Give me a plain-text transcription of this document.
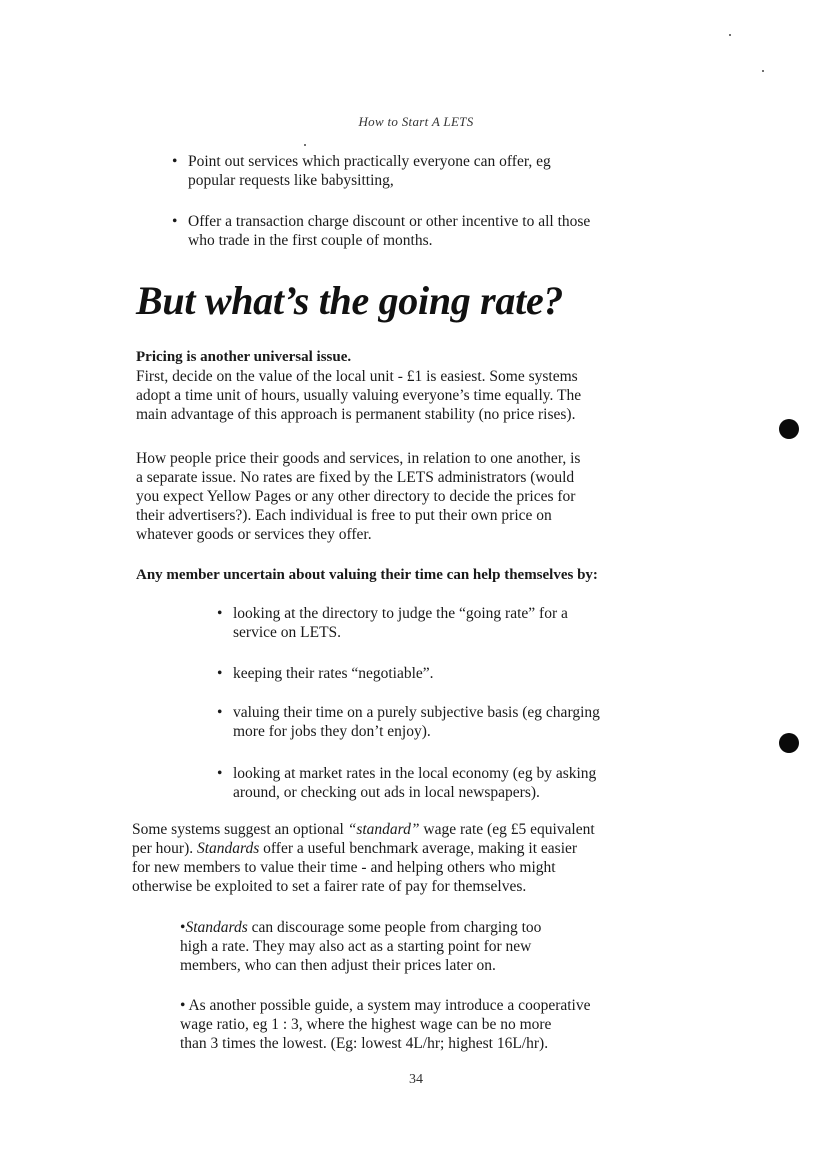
How to Start A LETS
• Point out services which practically everyone can offer, eg
popular requests like babysitting,
• Offer a transaction charge discount or other incentive to all those
who trade in the first couple of months.
But what’s the going rate?
Pricing is another universal issue.
First, decide on the value of the local unit - £1 is easiest. Some systems
adopt a time unit of hours, usually valuing everyone’s time equally. The
main advantage of this approach is permanent stability (no price rises).
How people price their goods and services, in relation to one another, is
a separate issue. No rates are fixed by the LETS administrators (would
you expect Yellow Pages or any other directory to decide the prices for
their advertisers?). Each individual is free to put their own price on
whatever goods or services they offer.
Any member uncertain about valuing their time can help themselves by:
• looking at the directory to judge the “going rate” for a
service on LETS.
• keeping their rates “negotiable”.
• valuing their time on a purely subjective basis (eg charging
more for jobs they don’t enjoy).
• looking at market rates in the local economy (eg by asking
around, or checking out ads in local newspapers).
Some systems suggest an optional “standard” wage rate (eg £5 equivalent
per hour). Standards offer a useful benchmark average, making it easier
for new members to value their time - and helping others who might
otherwise be exploited to set a fairer rate of pay for themselves.
•Standards can discourage some people from charging too
high a rate. They may also act as a starting point for new
members, who can then adjust their prices later on.
• As another possible guide, a system may introduce a cooperative
wage ratio, eg 1 : 3, where the highest wage can be no more
than 3 times the lowest. (Eg: lowest 4L/hr; highest 16L/hr).
34
